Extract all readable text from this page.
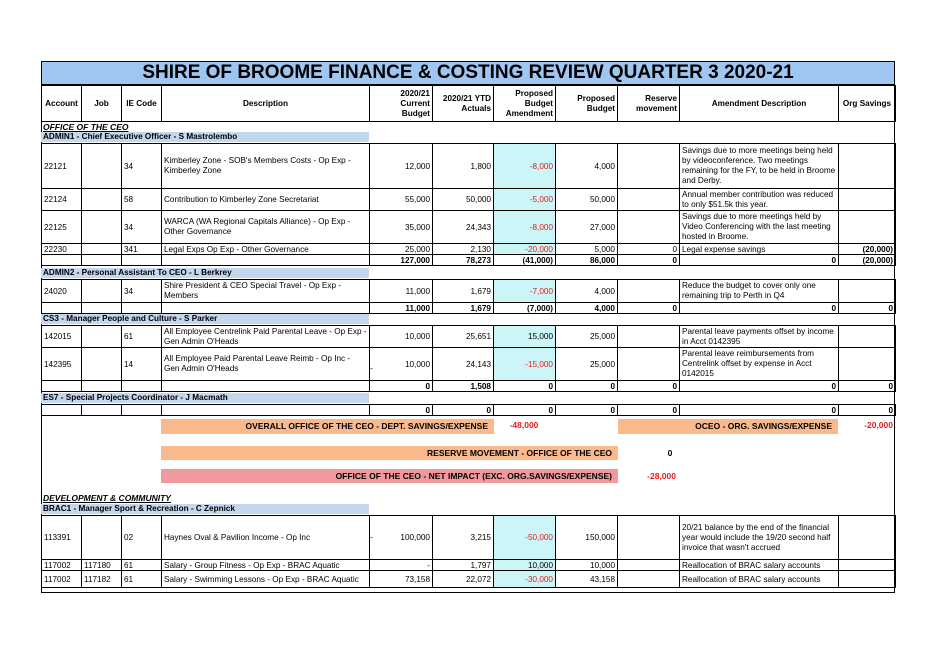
SHIRE OF BROOME FINANCE & COSTING REVIEW QUARTER 3 2020-21
Account	Job	IE Code	Description	2020/21 Current Budget	2020/21 YTD Actuals	Proposed Budget Amendment	Proposed Budget	Reserve movement	Amendment Description	Org Savings
OFFICE OF THE CEO
ADMIN1 - Chief Executive Officer - S Mastrolembo
22121		34	Kimberley Zone - SOB's Members Costs - Op Exp - Kimberley Zone	12,000	1,800	-8,000	4,000		Savings due to more meetings being held by videoconference. Two meetings remaining for the FY, to be held in Broome and Derby.	
22124		58	Contribution to Kimberley Zone Secretariat	55,000	50,000	-5,000	50,000		Annual member contribution was reduced to only $51.5k this year.	
22125		34	WARCA (WA Regional Capitals Alliance) - Op Exp - Other Governance	35,000	24,343	-8,000	27,000		Savings due to more meetings held by Video Conferencing with the last meeting hosted in Broome.	
22230		341	Legal Exps Op Exp - Other Governance	25,000	2,130	-20,000	5,000	0	Legal expense savings	(20,000)
				127,000	78,273	(41,000)	86,000	0	0	(20,000)
ADMIN2 - Personal Assistant To CEO - L Berkrey
24020		34	Shire President & CEO Special Travel - Op Exp - Members	11,000	1,679	-7,000	4,000		Reduce the budget to cover only one remaining trip to Perth in Q4	
				11,000	1,679	(7,000)	4,000	0	0	0
CS3 - Manager People and Culture - S Parker
142015		61	All Employee Centrelink Paid Parental Leave - Op Exp - Gen Admin O'Heads	10,000	25,651	15,000	25,000		Parental leave payments offset by income in Acct 0142395	
142395		14	All Employee Paid Parental Leave Reimb - Op Inc - Gen Admin O'Heads	10,000	24,143	-15,000	25,000		Parental leave reimbursements from Centrelink offset by expense in Acct 0142015	
				0	1,508	0	0	0	0	0
ES7 - Special Projects Coordinator - J Macmath
				0	0	0	0	0	0	0
OVERALL OFFICE OF THE CEO - DEPT. SAVINGS/EXPENSE	-48,000	OCEO - ORG. SAVINGS/EXPENSE	-20,000
RESERVE MOVEMENT - OFFICE OF THE CEO	0
OFFICE OF THE CEO - NET IMPACT (EXC. ORG.SAVINGS/EXPENSE)	-28,000
DEVELOPMENT & COMMUNITY
BRAC1 - Manager Sport & Recreation - C Zepnick
113391		02	Haynes Oval & Pavilion Income - Op Inc	100,000	3,215	-50,000	150,000		20/21 balance by the end of the financial year would include the 19/20 second half invoice that wasn't accrued	
117002	117180	61	Salary - Group Fitness - Op Exp - BRAC Aquatic	-	1,797	10,000	10,000		Reallocation of BRAC salary accounts	
117002	117182	61	Salary - Swimming Lessons - Op Exp - BRAC Aquatic	73,158	22,072	-30,000	43,158		Reallocation of BRAC salary accounts	
-
-
